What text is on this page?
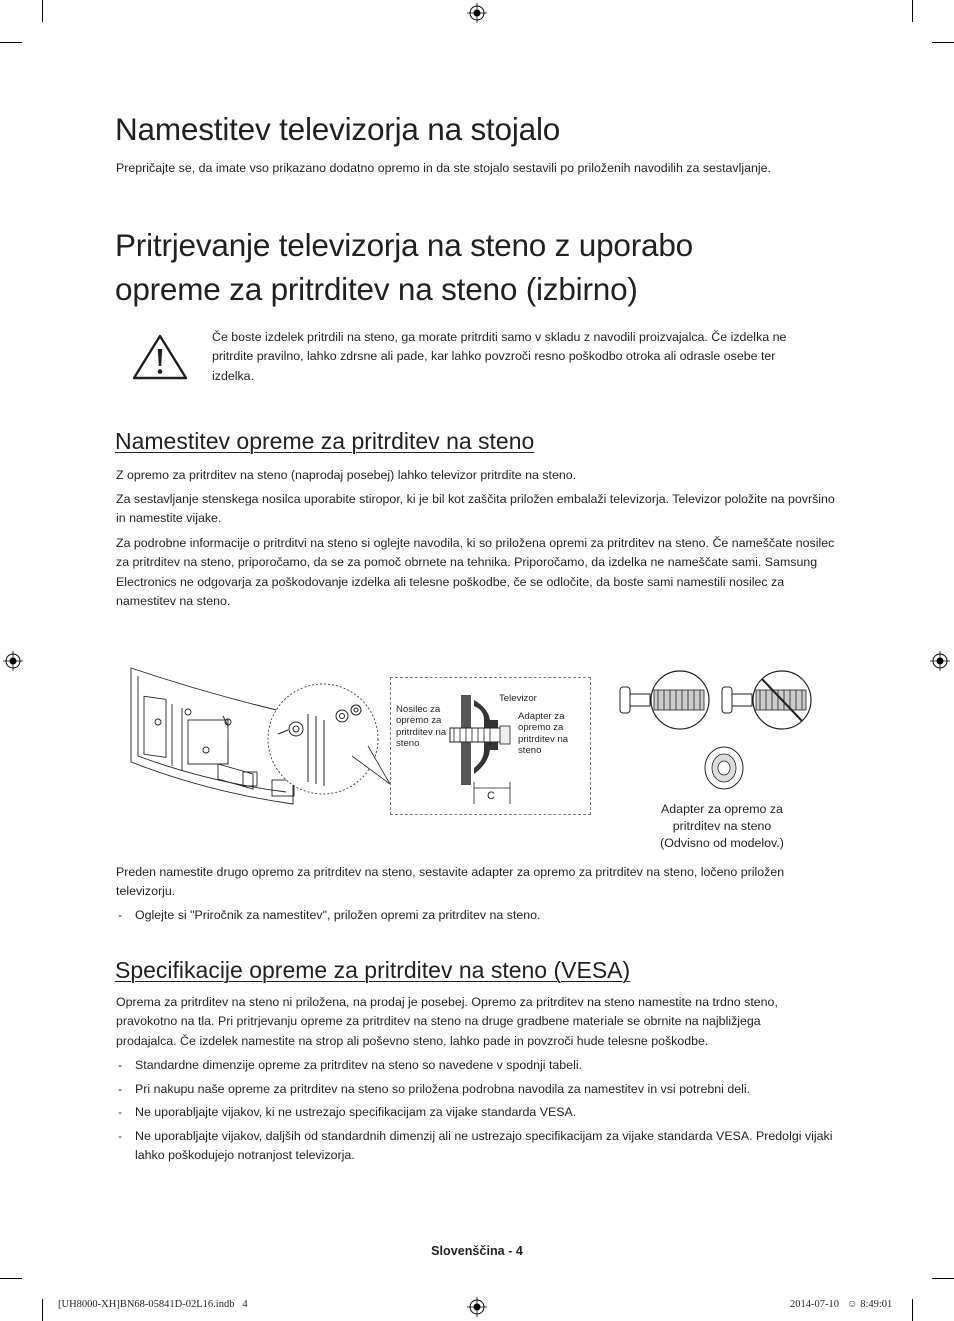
Namestitev televizorja na stojalo

Prepričajte se, da imate vso prikazano dodatno opremo in da ste stojalo sestavili po priloženih navodilih za sestavljanje.

Pritrjevanje televizorja na steno z uporabo
opreme za pritrditev na steno (izbirno)

Če boste izdelek pritrdili na steno, ga morate pritrditi samo v skladu z navodili proizvajalca. Če izdelka ne pritrdite pravilno, lahko zdrsne ali pade, kar lahko povzroči resno poškodbo otroka ali odrasle osebe ter izdelka.

Namestitev opreme za pritrditev na steno

Z opremo za pritrditev na steno (naprodaj posebej) lahko televizor pritrdite na steno.

Za sestavljanje stenskega nosilca uporabite stiropor, ki je bil kot zaščita priložen embalaži televizorja. Televizor položite na površino in namestite vijake.

Za podrobne informacije o pritrditvi na steno si oglejte navodila, ki so priložena opremi za pritrditev na steno. Če nameščate nosilec za pritrditev na steno, priporočamo, da se za pomoč obrnete na tehnika. Priporočamo, da izdelka ne nameščate sami. Samsung Electronics ne odgovarja za poškodovanje izdelka ali telesne poškodbe, če se odločite, da boste sami namestili nosilec za namestitev na steno.

Nosilec za
opremo za
pritrditev na
steno
Televizor
Adapter za
opremo za
pritrditev na
steno
C
Adapter za opremo za
pritrditev na steno
(Odvisno od modelov.)

Preden namestite drugo opremo za pritrditev na steno, sestavite adapter za opremo za pritrditev na steno, ločeno priložen televizorju.

- Oglejte si "Priročnik za namestitev", priložen opremi za pritrditev na steno.
Specifikacije opreme za pritrditev na steno (VESA)

Oprema za pritrditev na steno ni priložena, na prodaj je posebej. Opremo za pritrditev na steno namestite na trdno steno, pravokotno na tla. Pri pritrjevanju opreme za pritrditev na steno na druge gradbene materiale se obrnite na najbližjega prodajalca. Če izdelek namestite na strop ali poševno steno, lahko pade in povzroči hude telesne poškodbe.

- Standardne dimenzije opreme za pritrditev na steno so navedene v spodnji tabeli.
- Pri nakupu naše opreme za pritrditev na steno so priložena podrobna navodila za namestitev in vsi potrebni deli.
- Ne uporabljajte vijakov, ki ne ustrezajo specifikacijam za vijake standarda VESA.
- Ne uporabljajte vijakov, daljših od standardnih dimenzij ali ne ustrezajo specifikacijam za vijake standarda VESA. Predolgi vijaki lahko poškodujejo notranjost televizorja.
Slovenščina - 4
[UH8000-XH]BN68-05841D-02L16.indb   4	2014-07-10   ☺ 8:49:01
